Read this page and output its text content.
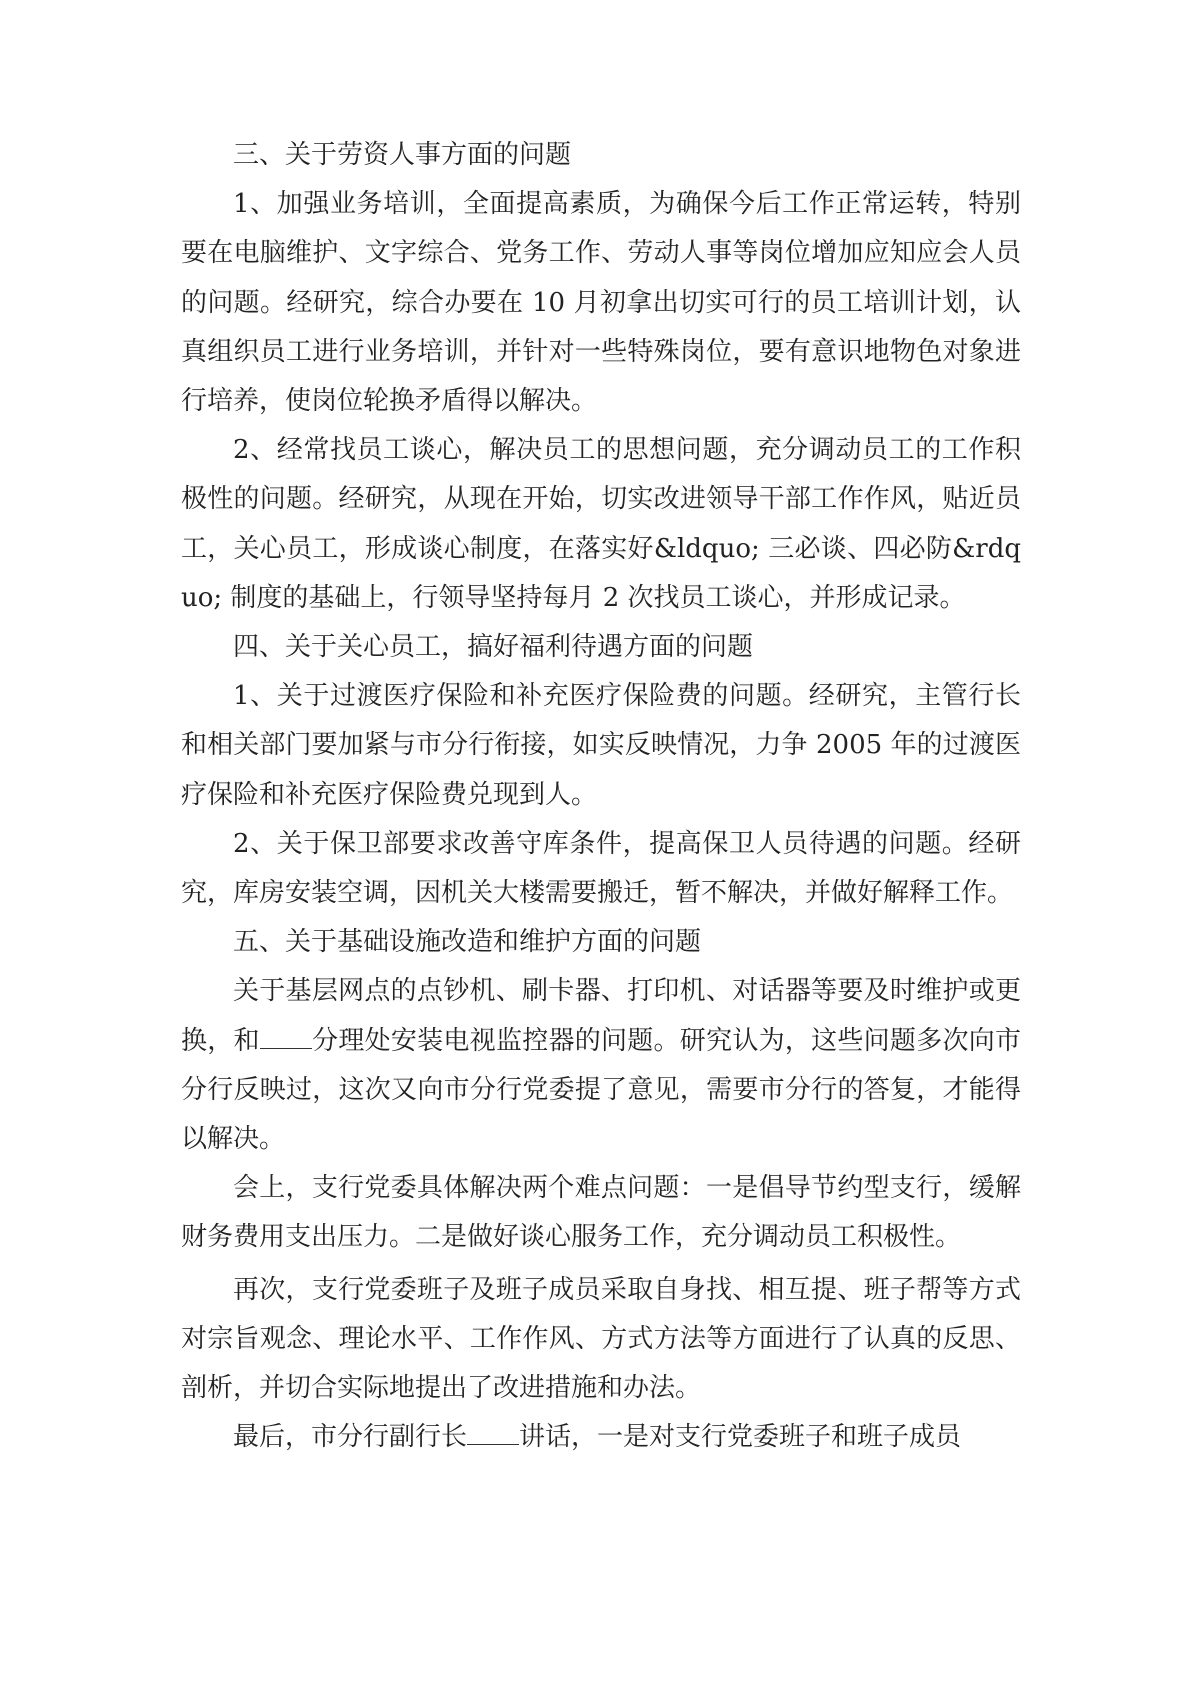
三、关于劳资人事方面的问题

1、加强业务培训，全面提高素质，为确保今后工作正常运转，特别要在电脑维护、文字综合、党务工作、劳动人事等岗位增加应知应会人员的问题。经研究，综合办要在 10 月初拿出切实可行的员工培训计划，认真组织员工进行业务培训，并针对一些特殊岗位，要有意识地物色对象进行培养，使岗位轮换矛盾得以解决。

2、经常找员工谈心，解决员工的思想问题，充分调动员工的工作积极性的问题。经研究，从现在开始，切实改进领导干部工作作风，贴近员工，关心员工，形成谈心制度，在落实好&ldquo; 三必谈、四必防&rdquo; 制度的基础上，行领导坚持每月 2 次找员工谈心，并形成记录。

四、关于关心员工，搞好福利待遇方面的问题

1、关于过渡医疗保险和补充医疗保险费的问题。经研究，主管行长和相关部门要加紧与市分行衔接，如实反映情况，力争 2005 年的过渡医疗保险和补充医疗保险费兑现到人。

2、关于保卫部要求改善守库条件，提高保卫人员待遇的问题。经研究，库房安装空调，因机关大楼需要搬迁，暂不解决，并做好解释工作。

五、关于基础设施改造和维护方面的问题

关于基层网点的点钞机、刷卡器、打印机、对话器等要及时维护或更换，和 分理处安装电视监控器的问题。研究认为，这些问题多次向市分行反映过，这次又向市分行党委提了意见，需要市分行的答复，才能得以解决。

会上，支行党委具体解决两个难点问题：一是倡导节约型支行，缓解财务费用支出压力。二是做好谈心服务工作，充分调动员工积极性。

再次，支行党委班子及班子成员采取自身找、相互提、班子帮等方式对宗旨观念、理论水平、工作作风、方式方法等方面进行了认真的反思、剖析，并切合实际地提出了改进措施和办法。

最后，市分行副行长 讲话，一是对支行党委班子和班子成员
